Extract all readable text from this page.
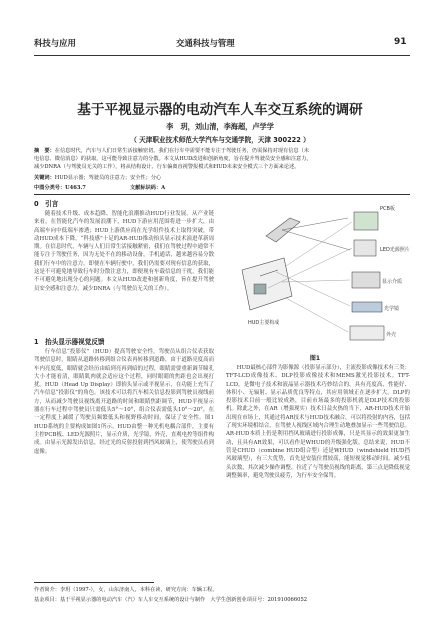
科技与应用	交通科技与管理	91
基于平视显示器的电动汽车人车交互系统的调研
李　玥，刘山清，李海超，卢学学
（ 天津职业技术师范大学汽车与交通学院，天津 300222 ）
摘　要：在信息时代，汽车与人们日常生活接触密切。我们在行车中需要不能专注于驾驶任务，仍需保持对现有信息（未
电信息、微信消息）的获取，这可能导致注意力的分散。本文从HUD改进和创新角度，旨在提升驾驶员安全感和注意力，
减少DNRA（与驾驶员无关的工作），将从结构设计、行车偏离直视警报模式和HUD未来安全模式三个方面来论述。
关键词：HUD显示器；驾驶员的注意力；安全性；分心
中图分类号：U463.7	文献标识码：A
0　引言

随着技术升级、成本趋降、智能化浪潮推动HUD行业发展。从产业链来看，在智能化汽车的发展浪潮下，HUD下游应用范围将进一步扩大，由高端车向中低端车渗透；HUD上游供应商在光学组件技术上取得突破，带动HUD成本下降，“科技感”十足的AR-HUD推动抬头显示技术演进革新周期。在信息时代，车辆与人们日常生活接触紧密，我们在驾驶过程中通常不能专注于驾驶任务，因为无处不在的移动设备，手机通话，越来越容易分散我们行车中的注意力，即便在车辆行驶中，我们仍需要对现有信息的获取，这是不可避免地导致行车时分散注意力，即便现有车载信息的干扰，我们能不可避免地出现分心的问题。本文从HUD改进和创新角度，旨在提升驾驶员安全感和注意力，减少DNRA（与驾驶员无关的工作）。

1　抬头显示器视觉反馈

行车信息“投影仪”（HUD）提高驾驶安全性。驾驶员从组合仪表获取驾驶信息时，眼睛从道路转移到组合仪表再转移到道路，由于道路亮度高而车内亮度低，眼睛就会经历由暗到亮再到暗的过程，眼睛需要重新调节瞳孔大小才能看清，眼睛肌肉就会适应这个过程，同时眼睛的焦距也会出现打扰。HUD（Head Up Display）即抬头显示或平视显示，在功能上充当了汽车信息“投影仪”的角色。该技术可以将汽车相关信息投影到驾驶员视线前方，从而减少驾驶员视线离开道路的时间和眼睛焦距调节，HUD平视显示器在行车过程中驾驶员只需低头5°～10°，组合仪表需低头10°～20°，在一定程度上减缓了驾驶员频繁低头和视野移动时间，保证了安全性。图1 HUD系统的主要构成如图1所示。HUD由整一种光机电耦合部件，主要有主控PCB板、LED光源照片，显示介质，光学镜，外壳，直观电控等组件构成。由显示光源发出信息，经过光的反射投射到挡风玻璃上，使驾驶员看到虚像。

PCB板
LED光源照片
显示介质
光学镜
外壳
HUD主要构成
图1

HUD最核心部件为影像源（投影显示部分），主流投影成像技术有三类：TFT-LCD成像技术、DLP投影成像技术和MEMS激光投影技术。TFT-LCD，是微电子技术和液晶显示器技术巧妙结合的，具有亮度高、性能好、体积小、无辐射、显示品质优良等特点，其应用领域正在逐步扩大。DLP的投影技术目前一般比较成熟，目前市场最多的投影机就是DLP技术的投影机。除此之外，在AR（增强现实）技术日益火热的当下，AR-HUD技术开始出现在市场上，其通过将AR技术与HUD技术融合，可以将投射的内容，包括了现实环境相结合，在驾驶人视线区域内合理生动地叠加显示一些驾驶信息。AR-HUD本质上仍是利用挡风玻璃进行投影成像，只是其显示的效果更加生动，且具有AR效果，可以看作是WHUD的升级强化版。总结来说，HUD不管是CHUD（combine HUD组合型）还是WHUD（windshield HUD挡风玻璃型），有三大优势，首先是安装位置较高，能短视觉移动时间，减少低头次数，其次减少操作调整，拉近了与驾驶员视线的距离，第三点是降低视觉调整频率，避免驾驶员疲劳，为行车安全保驾。

作者简介：李玥（1997-），女，山东济南人，本科在读，研究方向：车辆工程。
基金项目：基于平视显示器的电动汽车（汽）车人车交互系统的设计与制作　大学生创新创业项目号：201910066052
试读
试读
